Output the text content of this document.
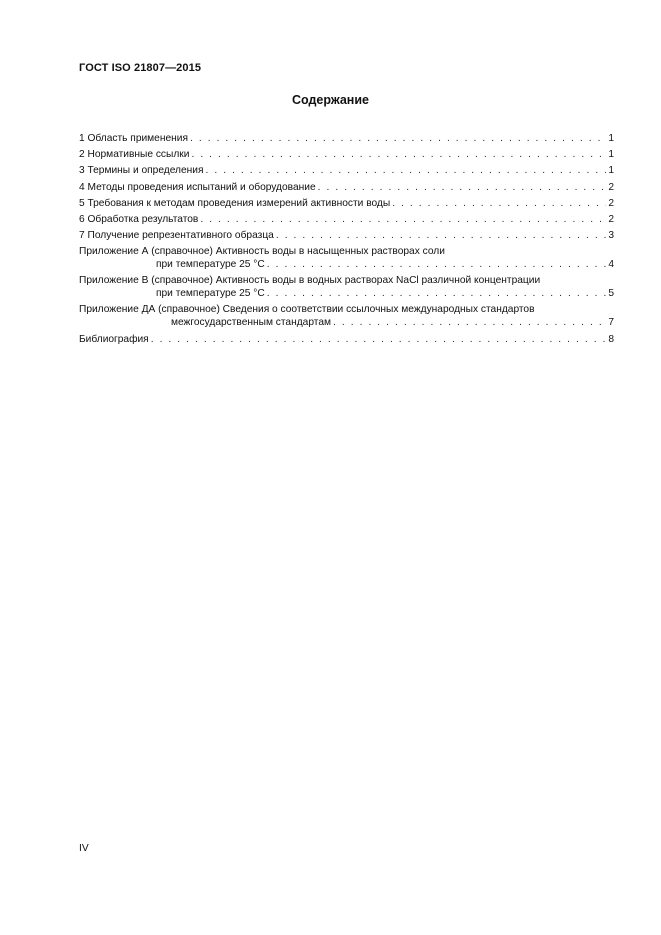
ГОСТ ISO 21807—2015
Содержание
1 Область применения . . .	1
2 Нормативные ссылки . . .	1
3 Термины и определения . . .	1
4 Методы проведения испытаний и оборудование . . .	2
5 Требования к методам проведения измерений активности воды . . .	2
6 Обработка результатов . . .	2
7 Получение репрезентативного образца . . .	3
Приложение А (справочное) Активность воды в насыщенных растворах соли
при температуре 25 °С . . .	4
Приложение В (справочное) Активность воды в водных растворах NaCl различной концентрации
при температуре 25 °С . . .	5
Приложение ДА (справочное) Сведения о соответствии ссылочных международных стандартов
межгосударственным стандартам . . .	7
Библиография . . .	8
IV
